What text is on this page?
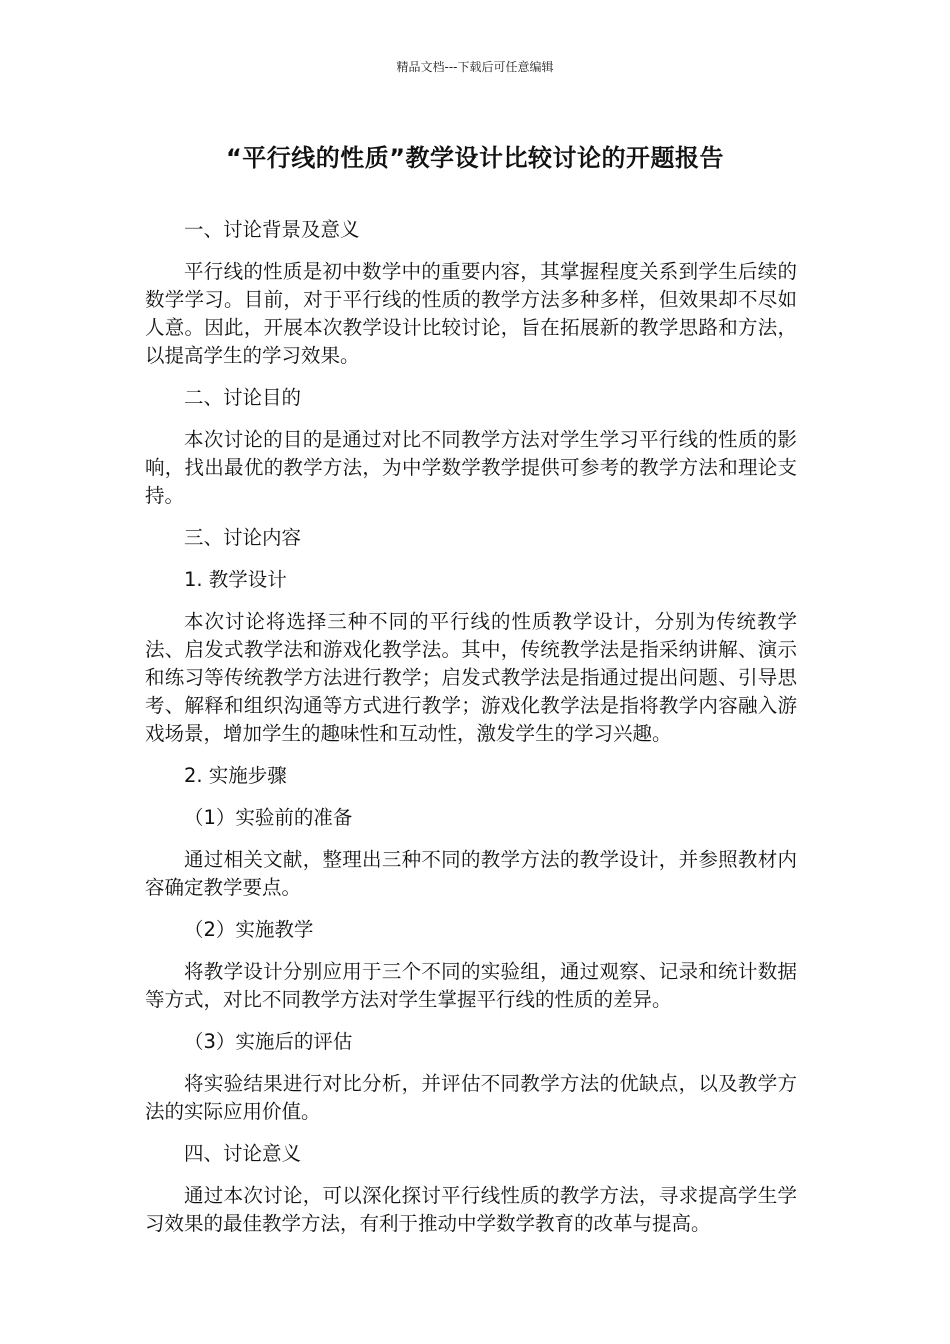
精品文档---下载后可任意编辑
“平行线的性质”教学设计比较讨论的开题报告
一、讨论背景及意义
平行线的性质是初中数学中的重要内容，其掌握程度关系到学生后续的数学学习。目前，对于平行线的性质的教学方法多种多样，但效果却不尽如人意。因此，开展本次教学设计比较讨论，旨在拓展新的教学思路和方法，以提高学生的学习效果。
二、讨论目的
本次讨论的目的是通过对比不同教学方法对学生学习平行线的性质的影响，找出最优的教学方法，为中学数学教学提供可参考的教学方法和理论支持。
三、讨论内容
1. 教学设计
本次讨论将选择三种不同的平行线的性质教学设计，分别为传统教学法、启发式教学法和游戏化教学法。其中，传统教学法是指采纳讲解、演示和练习等传统教学方法进行教学；启发式教学法是指通过提出问题、引导思考、解释和组织沟通等方式进行教学；游戏化教学法是指将教学内容融入游戏场景，增加学生的趣味性和互动性，激发学生的学习兴趣。
2. 实施步骤
（1）实验前的准备
通过相关文献，整理出三种不同的教学方法的教学设计，并参照教材内容确定教学要点。
（2）实施教学
将教学设计分别应用于三个不同的实验组，通过观察、记录和统计数据等方式，对比不同教学方法对学生掌握平行线的性质的差异。
（3）实施后的评估
将实验结果进行对比分析，并评估不同教学方法的优缺点，以及教学方法的实际应用价值。
四、讨论意义
通过本次讨论，可以深化探讨平行线性质的教学方法，寻求提高学生学习效果的最佳教学方法，有利于推动中学数学教育的改革与提高。
